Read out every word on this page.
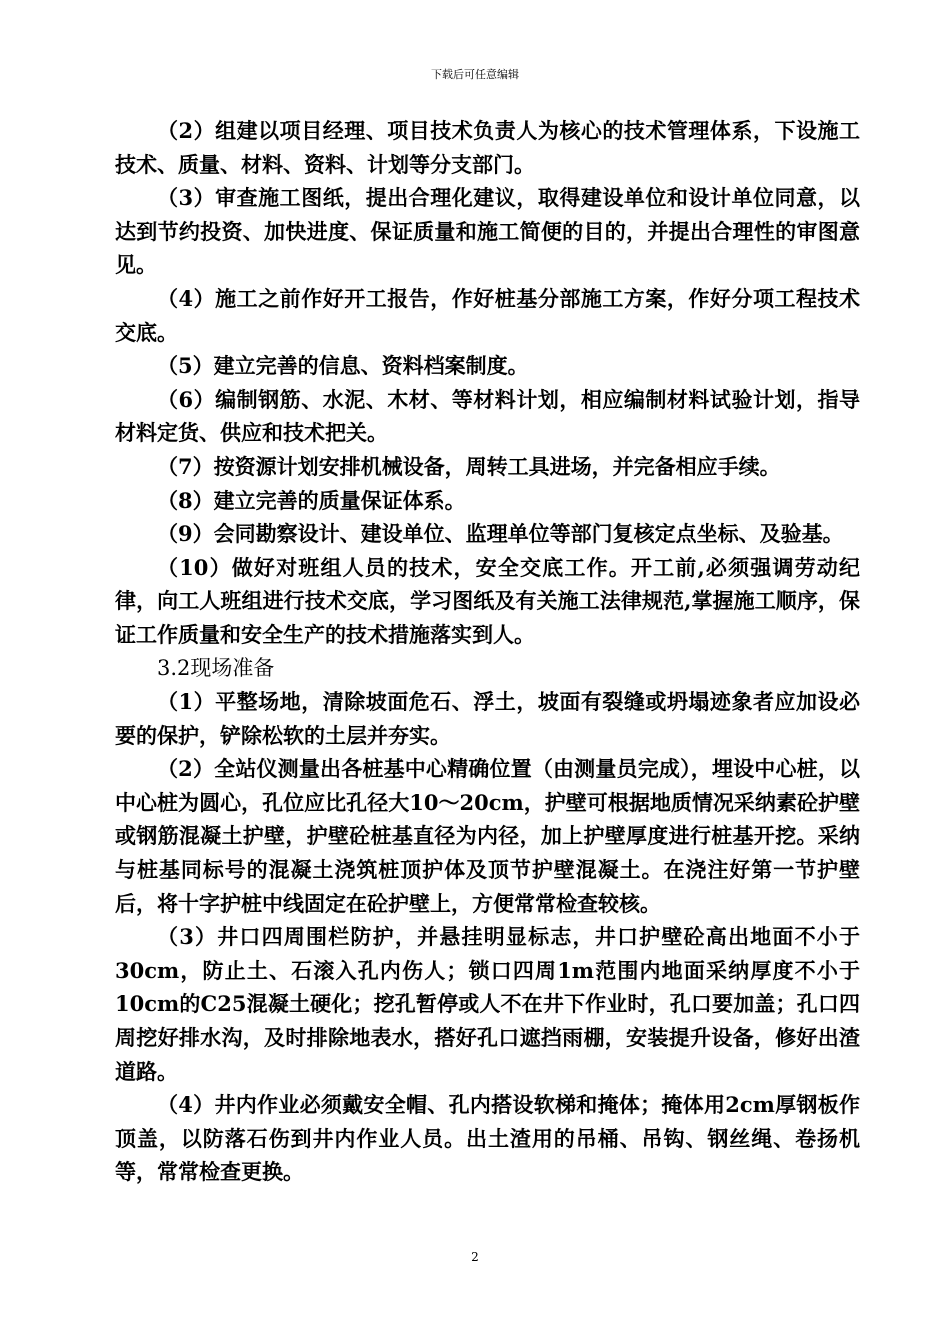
下载后可任意编辑

（2）组建以项目经理、项目技术负责人为核心的技术管理体系，下设施工技术、质量、材料、资料、计划等分支部门。

（3）审查施工图纸，提出合理化建议，取得建设单位和设计单位同意，以达到节约投资、加快进度、保证质量和施工简便的目的，并提出合理性的审图意见。

（4）施工之前作好开工报告，作好桩基分部施工方案，作好分项工程技术交底。

（5）建立完善的信息、资料档案制度。

（6）编制钢筋、水泥、木材、等材料计划，相应编制材料试验计划，指导材料定货、供应和技术把关。

（7）按资源计划安排机械设备，周转工具进场，并完备相应手续。

（8）建立完善的质量保证体系。

（9）会同勘察设计、建设单位、监理单位等部门复核定点坐标、及验基。

（10）做好对班组人员的技术，安全交底工作。开工前,必须强调劳动纪律，向工人班组进行技术交底，学习图纸及有关施工法律规范,掌握施工顺序，保证工作质量和安全生产的技术措施落实到人。

3.2现场准备

（1）平整场地，清除坡面危石、浮土，坡面有裂缝或坍塌迹象者应加设必要的保护，铲除松软的土层并夯实。

（2）全站仪测量出各桩基中心精确位置（由测量员完成），埋设中心桩，以中心桩为圆心，孔位应比孔径大10～20cm，护壁可根据地质情况采纳素砼护壁或钢筋混凝土护壁，护壁砼桩基直径为内径，加上护壁厚度进行桩基开挖。采纳与桩基同标号的混凝土浇筑桩顶护体及顶节护壁混凝土。在浇注好第一节护壁后，将十字护桩中线固定在砼护壁上，方便常常检查较核。

（3）井口四周围栏防护，并悬挂明显标志，井口护壁砼高出地面不小于30cm，防止土、石滚入孔内伤人；锁口四周1m范围内地面采纳厚度不小于10cm的C25混凝土硬化；挖孔暂停或人不在井下作业时，孔口要加盖；孔口四周挖好排水沟，及时排除地表水，搭好孔口遮挡雨棚，安装提升设备，修好出渣道路。

（4）井内作业必须戴安全帽、孔内搭设软梯和掩体；掩体用2cm厚钢板作顶盖，以防落石伤到井内作业人员。出土渣用的吊桶、吊钩、钢丝绳、卷扬机等，常常检查更换。

2
